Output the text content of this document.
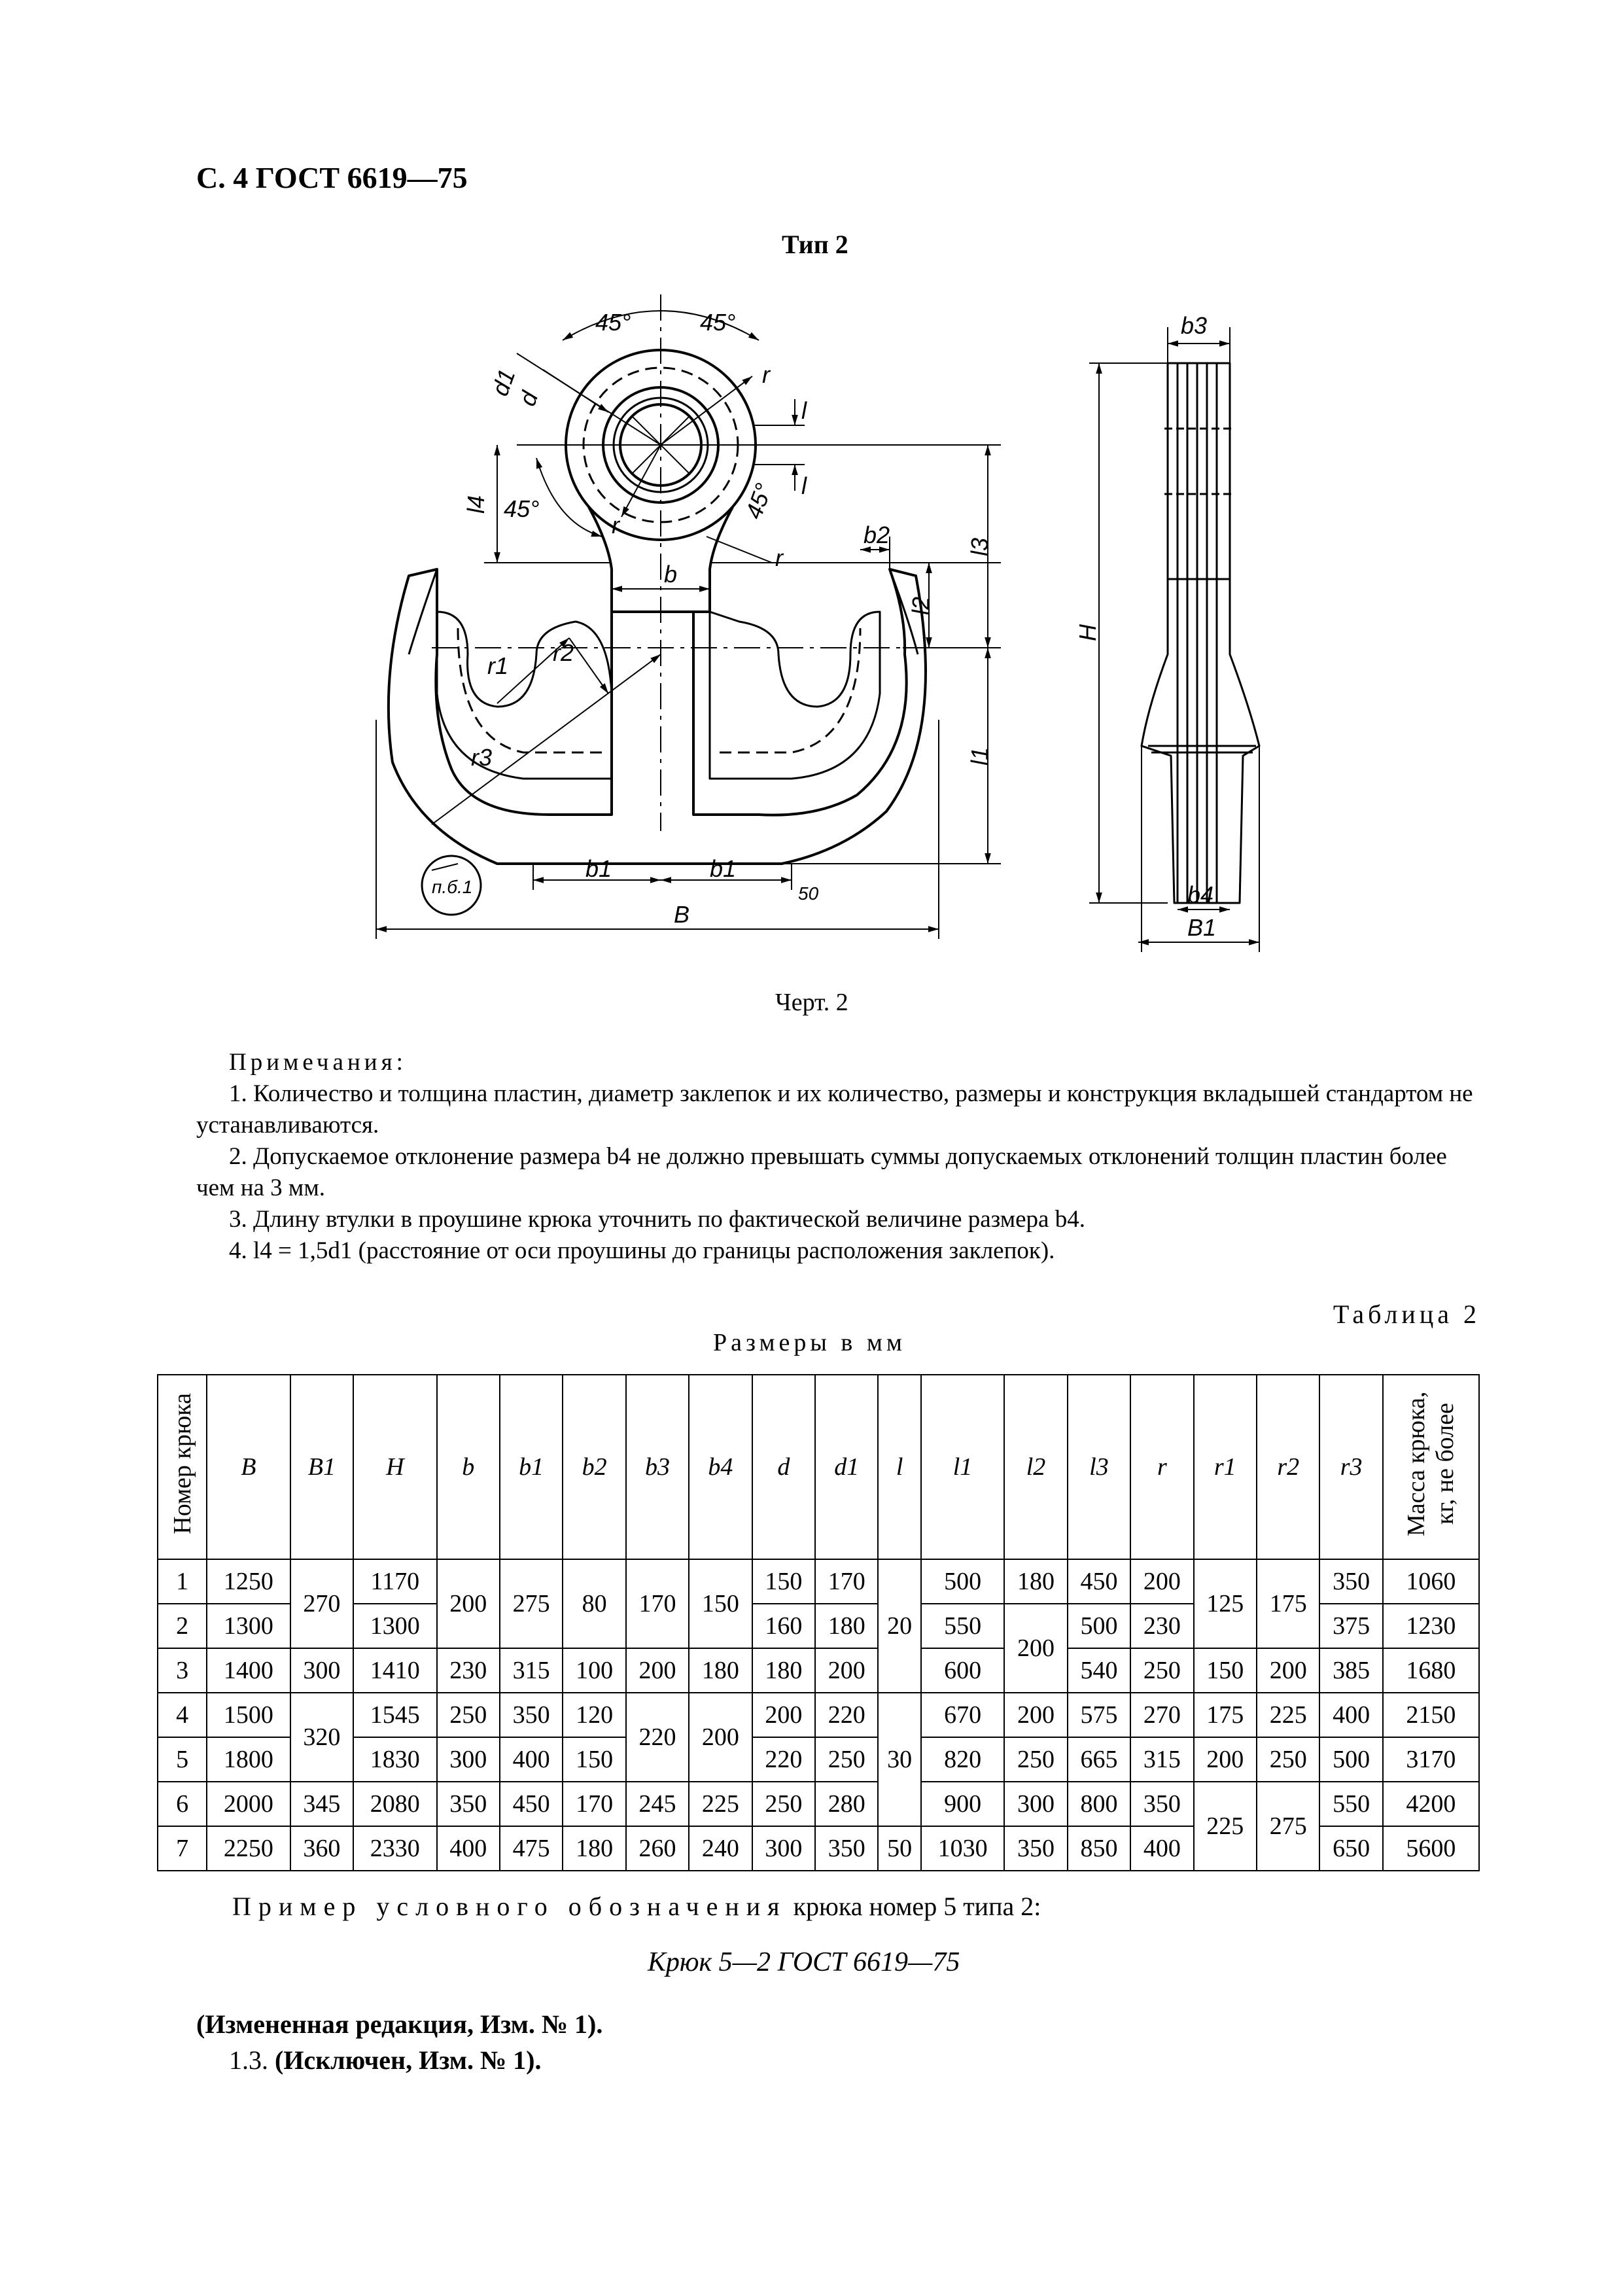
С. 4 ГОСТ 6619—75
Тип 2
45°	45°
45°	45°
d1
d
r
r
r
l
l
l4
l3
l2
l1
b
b2
r1 r2
r3
п.б.1
b1	b1
50
B
b3
H
b4
B1
Черт. 2
Примечания:

1. Количество и толщина пластин, диаметр заклепок и их количество, размеры и конструкция вкладышей стандартом не устанавливаются.

2. Допускаемое отклонение размера b4 не должно превышать суммы допускаемых отклонений толщин пластин более чем на 3 мм.

3. Длину втулки в проушине крюка уточнить по фактической величине размера b4.

4. l4 = 1,5d1 (расстояние от оси проушины до границы расположения заклепок).

Таблица 2
Размеры в мм
Номер крюка	B	B1	H	b	b1	b2	b3	b4	d	d1	l	l1	l2	l3	r	r1	r2	r3	Масса крюка, кг, не более
1	1250	270	1170	200	275	80	170	150	150	170	20	500	180	450	200	125	175	350	1060
2	1300		1300						160	180		550	200	500	230			375	1230
3	1400	300	1410	230	315	100	200	180	180	200		600		540	250	150	200	385	1680
4	1500	320	1545	250	350	120	220	200	200	220	30	670	200	575	270	175	225	400	2150
5	1800		1830	300	400	150			220	250		820	250	665	315	200	250	500	3170
6	2000	345	2080	350	450	170	245	225	250	280		900	300	800	350	225	275	550	4200
7	2250	360	2330	400	475	180	260	240	300	350	50	1030	350	850	400			650	5600
Пример условного обозначения крюка номер 5 типа 2:
Крюк 5—2 ГОСТ 6619—75
(Измененная редакция, Изм. № 1).
1.3. (Исключен, Изм. № 1).
